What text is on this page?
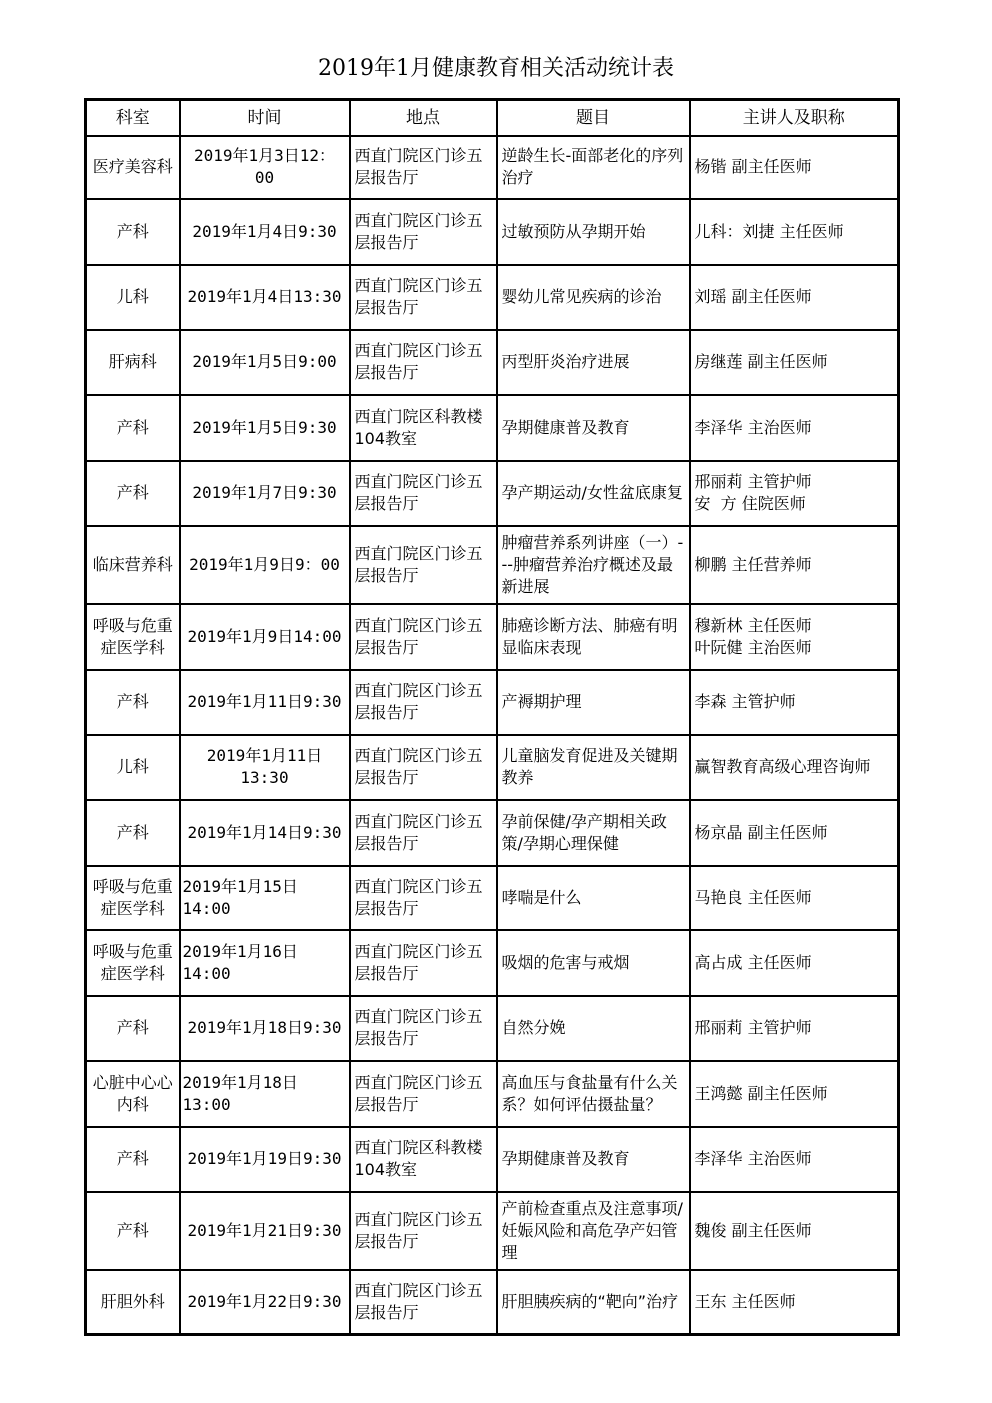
2019年1月健康教育相关活动统计表
科室	时间	地点	题目	主讲人及职称
医疗美容科	2019年1月3日12：00	西直门院区门诊五层报告厅	逆龄生长-面部老化的序列治疗	杨锴 副主任医师

产科	2019年1月4日9:30	西直门院区门诊五层报告厅	过敏预防从孕期开始	儿科：刘捷 主任医师

儿科	2019年1月4日13:30	西直门院区门诊五层报告厅	婴幼儿常见疾病的诊治	刘瑶 副主任医师

肝病科	2019年1月5日9:00	西直门院区门诊五层报告厅	丙型肝炎治疗进展	房继莲 副主任医师

产科	2019年1月5日9:30	西直门院区科教楼104教室	孕期健康普及教育	李泽华 主治医师

产科	2019年1月7日9:30	西直门院区门诊五层报告厅	孕产期运动/女性盆底康复	邢丽莉 主管护师
安  方 住院医师

临床营养科	2019年1月9日9：00	西直门院区门诊五层报告厅	肿瘤营养系列讲座（一）---肿瘤营养治疗概述及最新进展	柳鹏 主任营养师

呼吸与危重症医学科	2019年1月9日14:00	西直门院区门诊五层报告厅	肺癌诊断方法、肺癌有明显临床表现	穆新林 主任医师
叶阮健 主治医师

产科	2019年1月11日9:30	西直门院区门诊五层报告厅	产褥期护理	李森 主管护师

儿科	2019年1月11日13:30	西直门院区门诊五层报告厅	儿童脑发育促进及关键期教养	赢智教育高级心理咨询师

产科	2019年1月14日9:30	西直门院区门诊五层报告厅	孕前保健/孕产期相关政策/孕期心理保健	杨京晶 副主任医师

呼吸与危重症医学科	2019年1月15日14:00	西直门院区门诊五层报告厅	哮喘是什么	马艳良 主任医师

呼吸与危重症医学科	2019年1月16日14:00	西直门院区门诊五层报告厅	吸烟的危害与戒烟	高占成 主任医师

产科	2019年1月18日9:30	西直门院区门诊五层报告厅	自然分娩	邢丽莉 主管护师

心脏中心心内科	2019年1月18日13:00	西直门院区门诊五层报告厅	高血压与食盐量有什么关系？如何评估摄盐量？	王鸿懿 副主任医师

产科	2019年1月19日9:30	西直门院区科教楼104教室	孕期健康普及教育	李泽华 主治医师

产科	2019年1月21日9:30	西直门院区门诊五层报告厅	产前检查重点及注意事项/妊娠风险和高危孕产妇管理	魏俊 副主任医师

肝胆外科	2019年1月22日9:30	西直门院区门诊五层报告厅	肝胆胰疾病的“靶向”治疗	王东 主任医师
